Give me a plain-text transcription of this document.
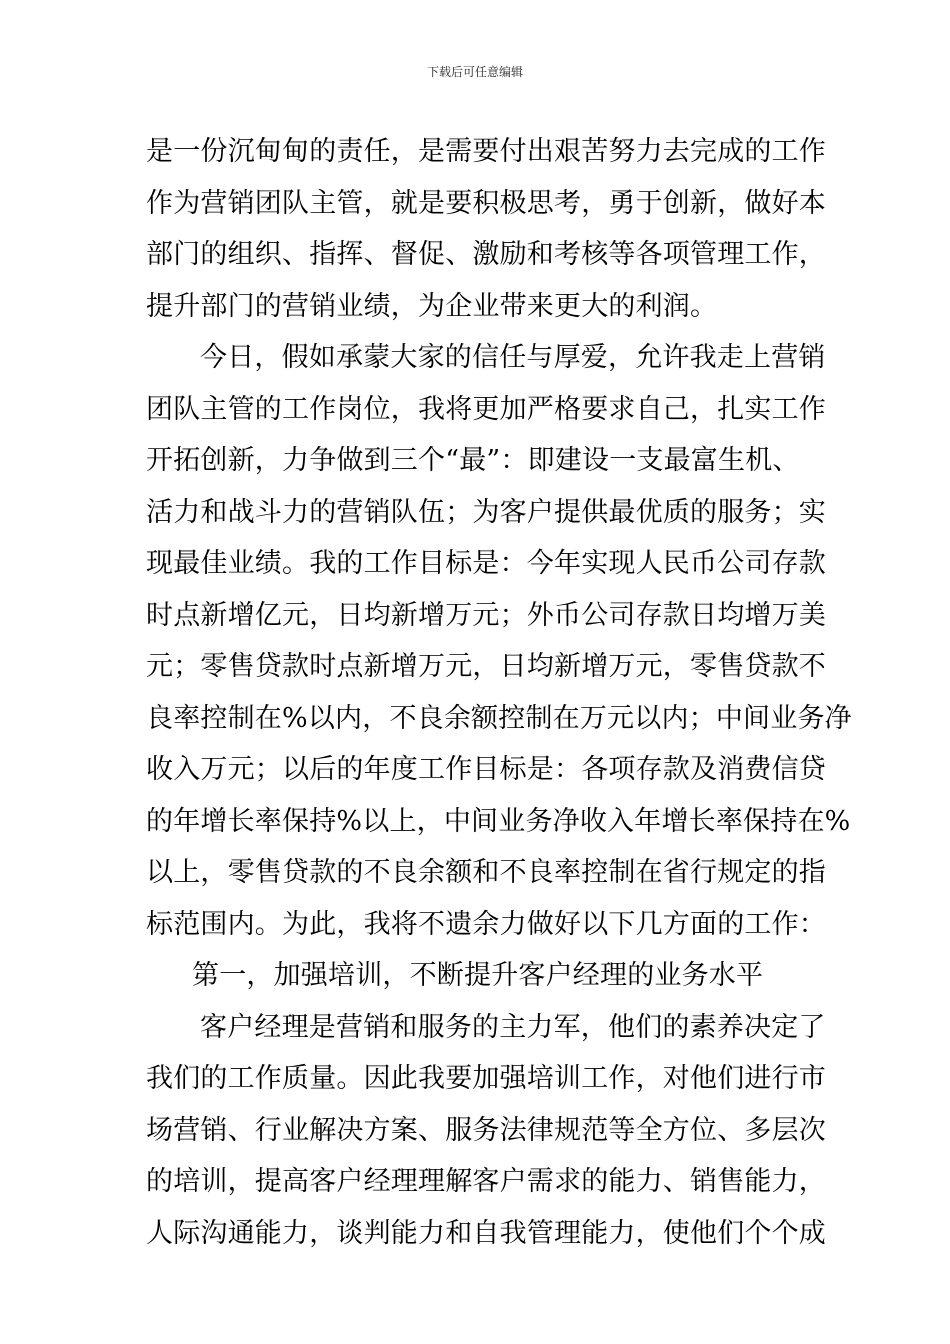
下载后可任意编辑
是一份沉甸甸的责任，是需要付出艰苦努力去完成的工作
作为营销团队主管，就是要积极思考，勇于创新，做好本
部门的组织、指挥、督促、激励和考核等各项管理工作，
提升部门的营销业绩，为企业带来更大的利润。
今日，假如承蒙大家的信任与厚爱，允许我走上营销
团队主管的工作岗位，我将更加严格要求自己，扎实工作
开拓创新，力争做到三个“最”：即建设一支最富生机、
活力和战斗力的营销队伍；为客户提供最优质的服务；实
现最佳业绩。我的工作目标是：今年实现人民币公司存款
时点新增亿元，日均新增万元；外币公司存款日均增万美
元；零售贷款时点新增万元，日均新增万元，零售贷款不
良率控制在%以内，不良余额控制在万元以内；中间业务净
收入万元；以后的年度工作目标是：各项存款及消费信贷
的年增长率保持%以上，中间业务净收入年增长率保持在%
以上，零售贷款的不良余额和不良率控制在省行规定的指
标范围内。为此，我将不遗余力做好以下几方面的工作：
第一，加强培训，不断提升客户经理的业务水平
客户经理是营销和服务的主力军，他们的素养决定了
我们的工作质量。因此我要加强培训工作，对他们进行市
场营销、行业解决方案、服务法律规范等全方位、多层次
的培训，提高客户经理理解客户需求的能力、销售能力，
人际沟通能力，谈判能力和自我管理能力，使他们个个成
